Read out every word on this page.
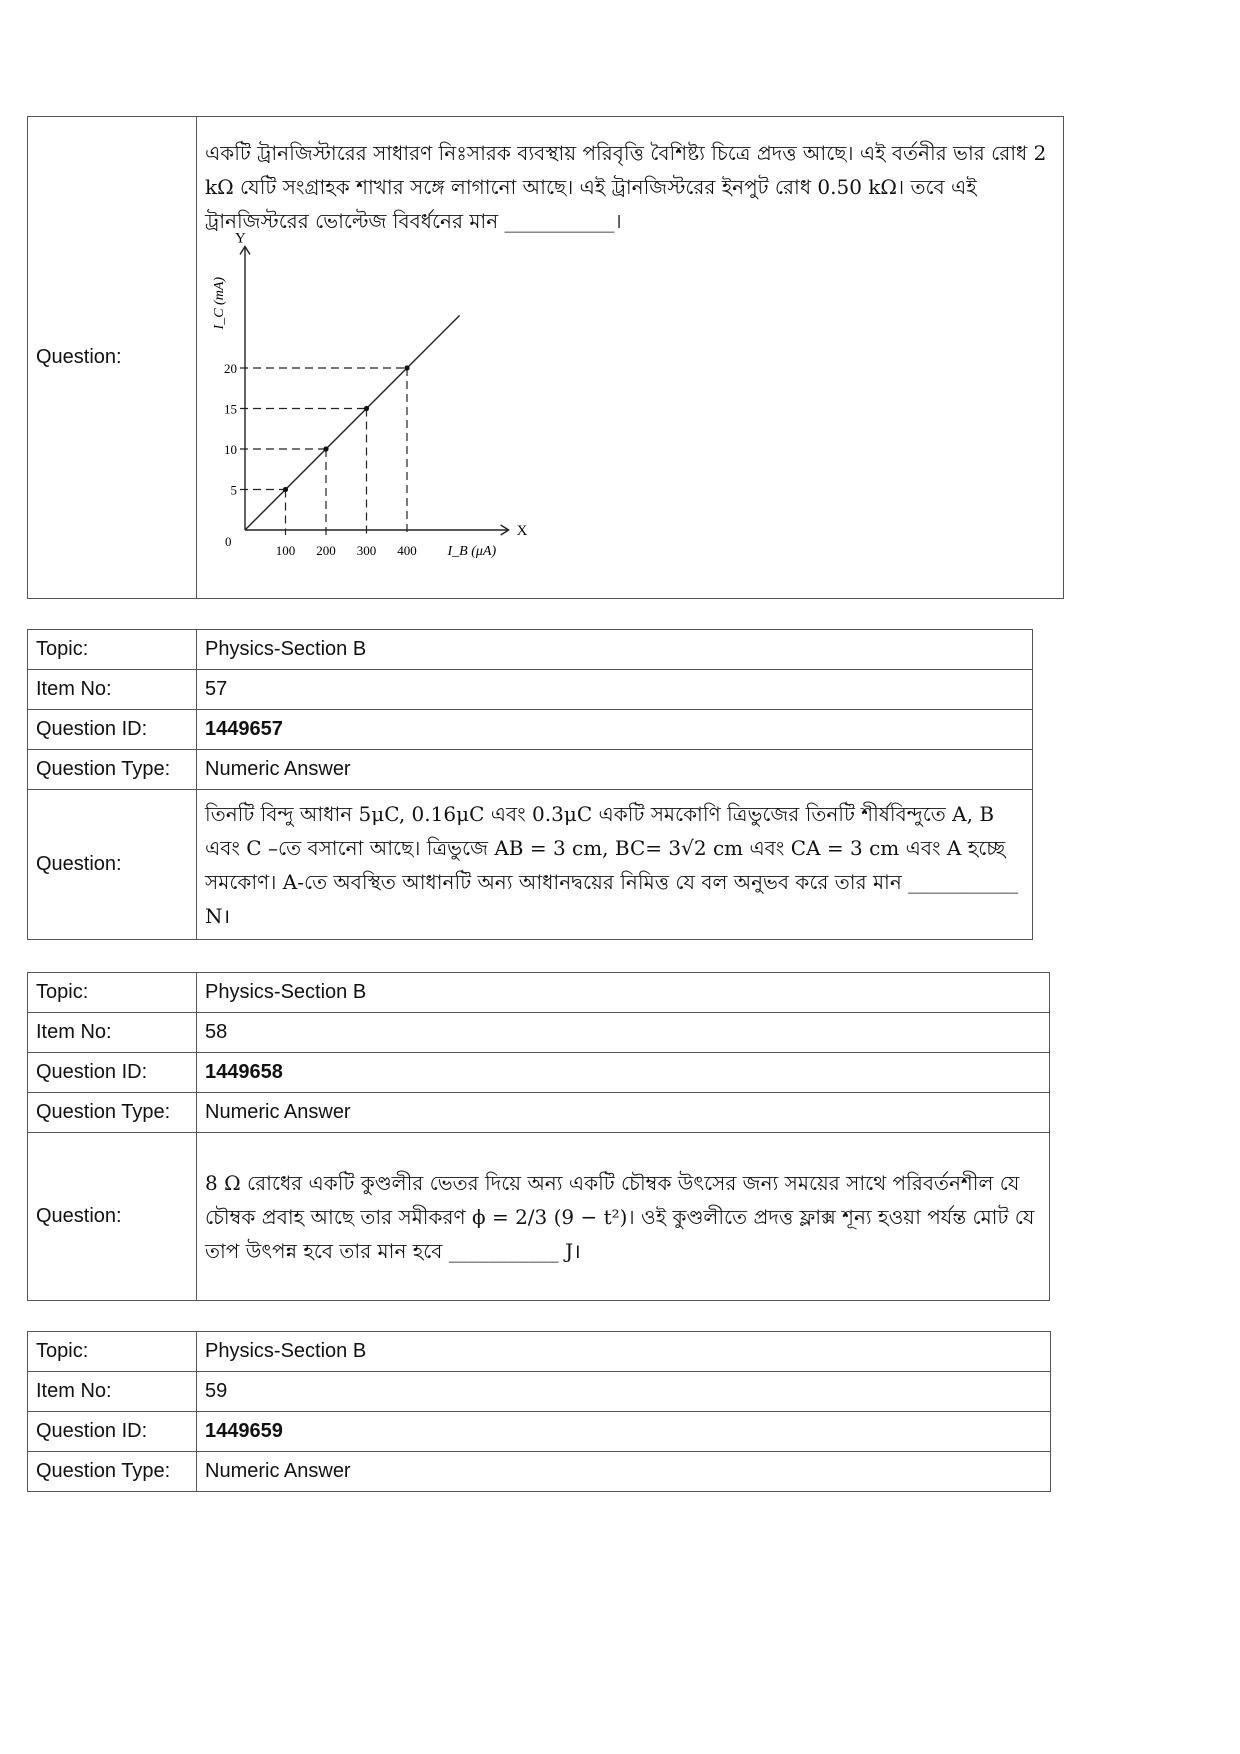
Question:	
একটি ট্রানজিস্টারের সাধারণ নিঃসারক ব্যবস্থায় পরিবৃত্তি বৈশিষ্ট্য চিত্রে প্রদত্ত আছে। এই বর্তনীর ভার রোধ 2 kΩ যেটি সংগ্রাহক শাখার সঙ্গে লাগানো আছে। এই ট্রানজিস্টরের ইনপুট রোধ 0.50 kΩ। তবে এই ট্রানজিস্টরের ভোল্টেজ বিবর্ধনের মান ___________।
X
Y
0
5
100
10
200
15
300
20
400 I_B (μA)
I_C (mA)
Topic:	Physics-Section B
Item No:	57
Question ID:	1449657
Question Type:	Numeric Answer
Question:	তিনটি বিন্দু আধান 5μC, 0.16μC এবং 0.3μC একটি সমকোণি ত্রিভুজের তিনটি শীর্ষবিন্দুতে A, B এবং C –তে বসানো আছে। ত্রিভুজে AB = 3 cm, BC= 3√2 cm এবং CA = 3 cm এবং A হচ্ছে সমকোণ। A-তে অবস্থিত আধানটি অন্য আধানদ্বয়ের নিমিত্ত যে বল অনুভব করে তার মান ___________ N।
Topic:	Physics-Section B
Item No:	58
Question ID:	1449658
Question Type:	Numeric Answer
Question:	8 Ω রোধের একটি কুণ্ডলীর ভেতর দিয়ে অন্য একটি চৌম্বক উৎসের জন্য সময়ের সাথে পরিবর্তনশীল যে চৌম্বক প্রবাহ আছে তার সমীকরণ ϕ = 2/3 (9 − t²)। ওই কুণ্ডলীতে প্রদত্ত ফ্লাক্স শূন্য হওয়া পর্যন্ত মোট যে তাপ উৎপন্ন হবে তার মান হবে ___________ J।
Topic:	Physics-Section B
Item No:	59
Question ID:	1449659
Question Type:	Numeric Answer
